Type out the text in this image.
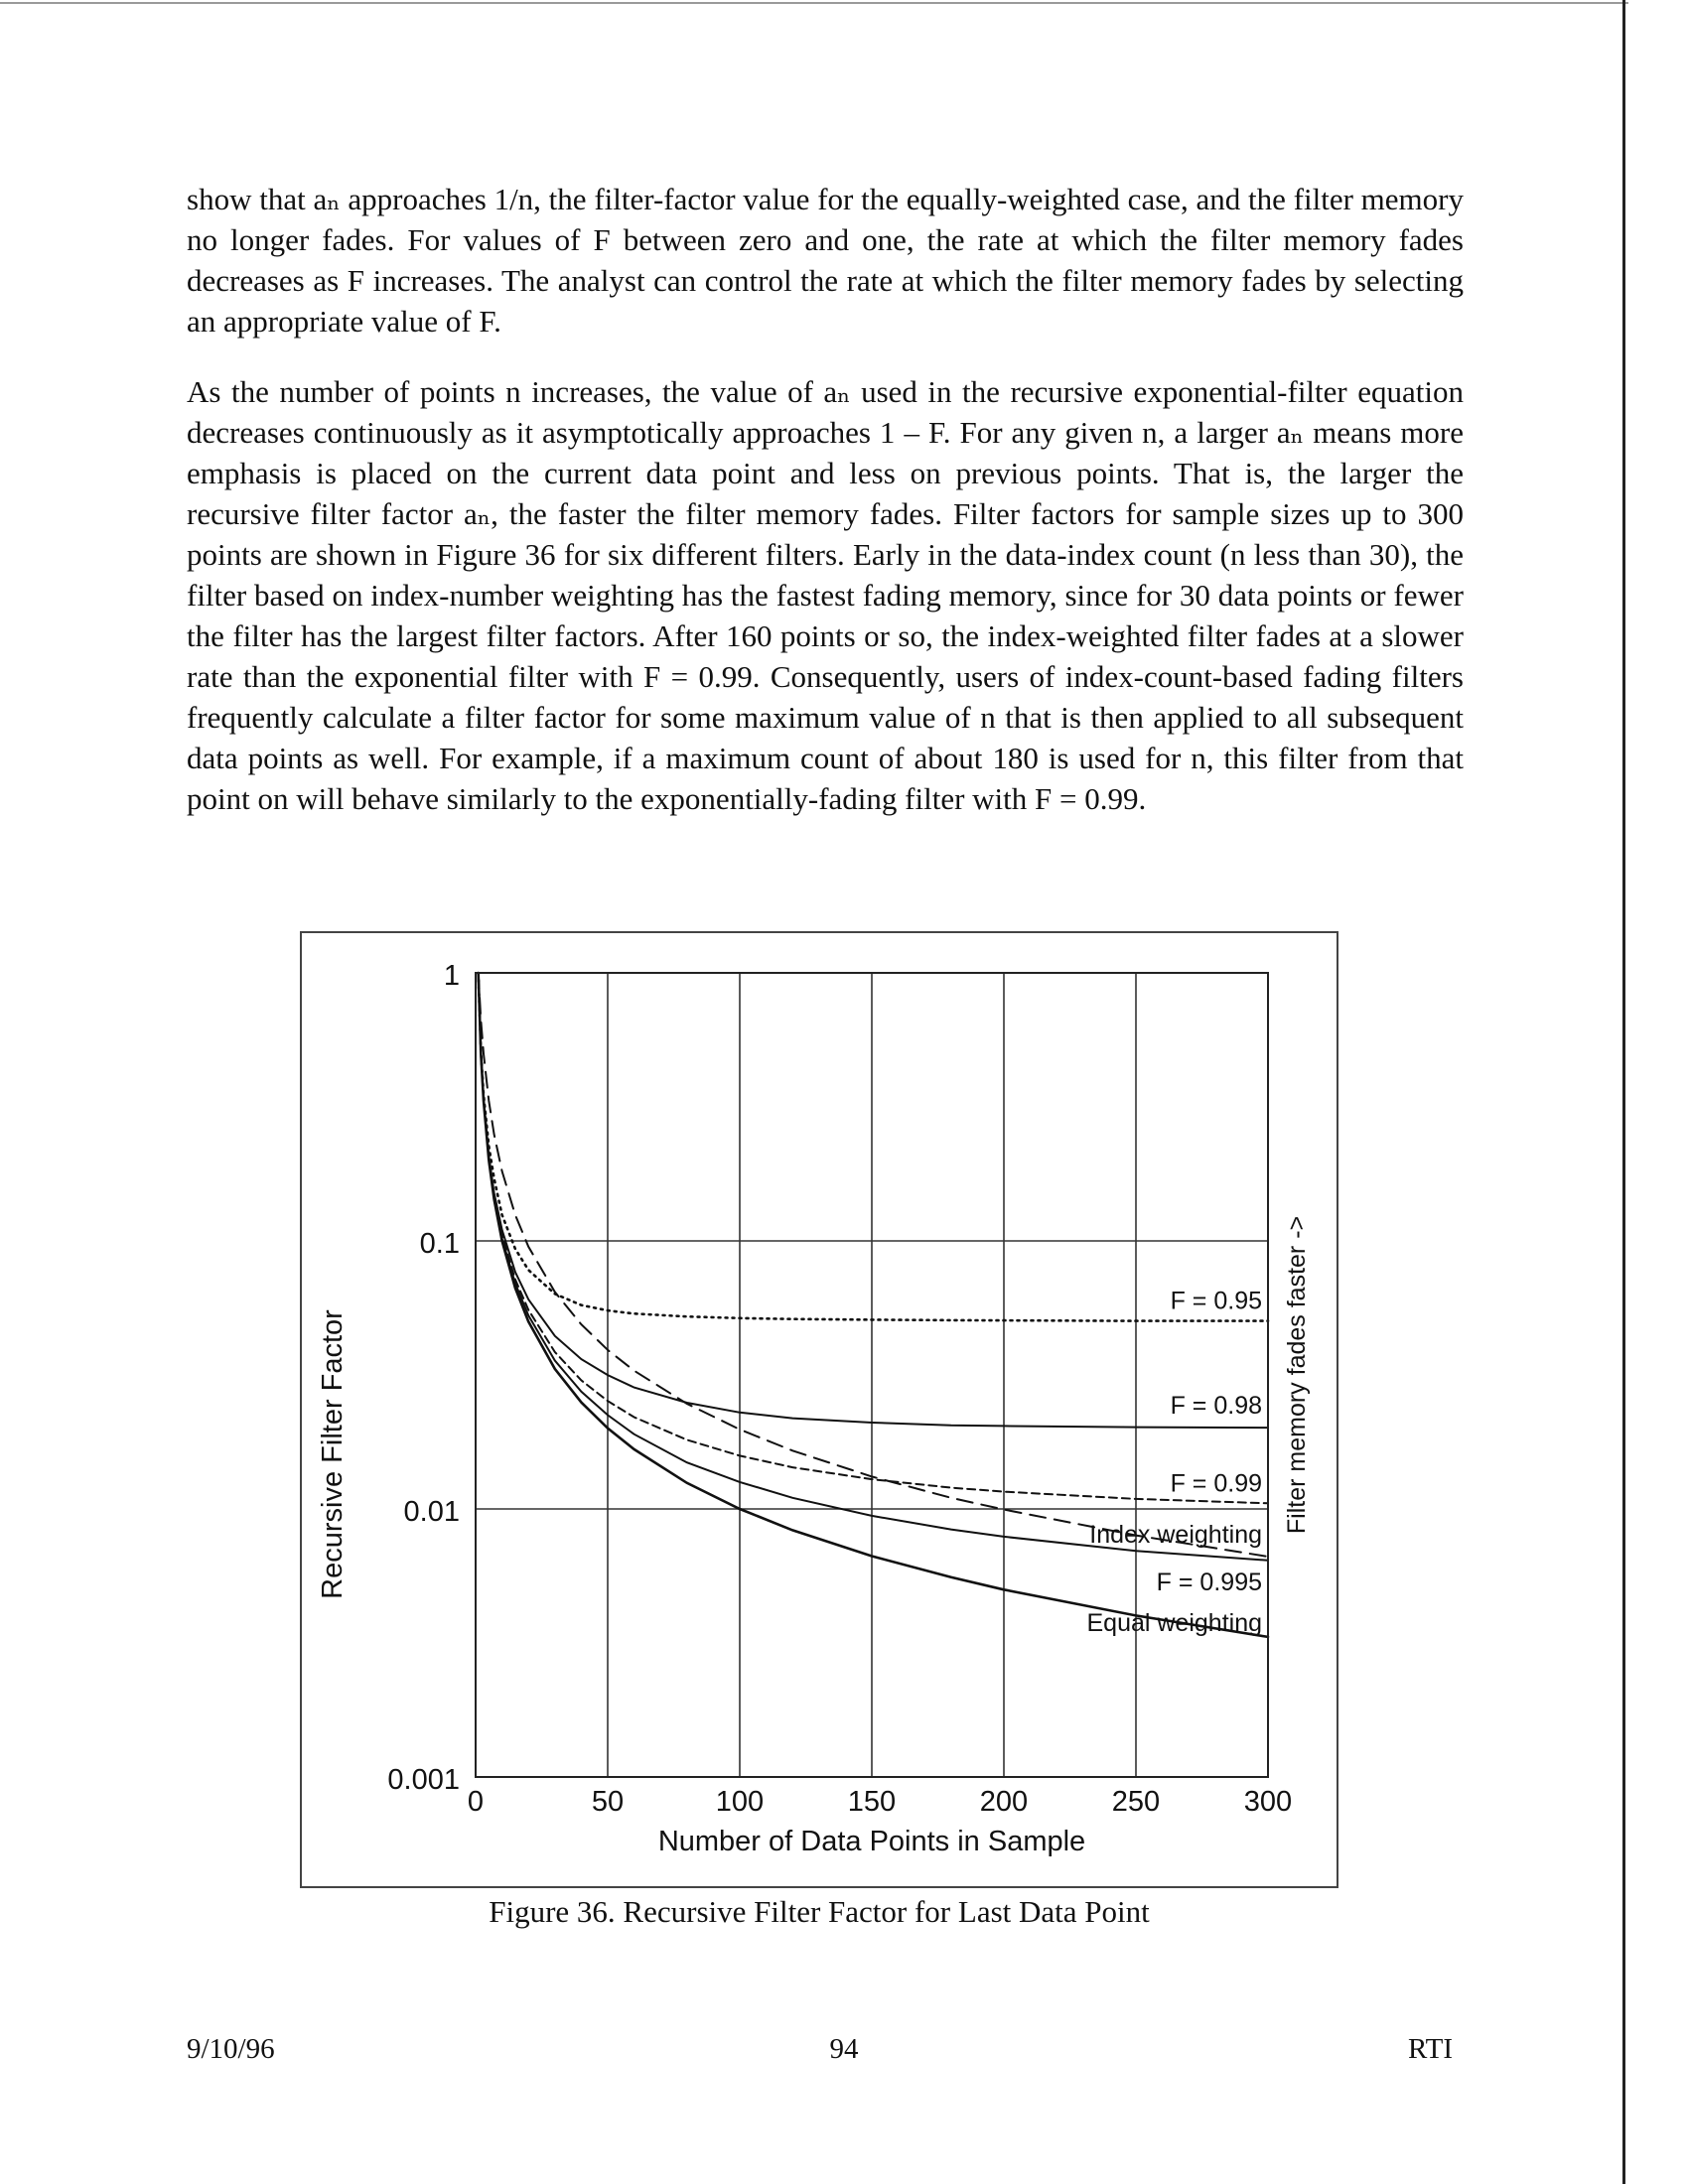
show that aₙ approaches 1/n, the filter-factor value for the equally-weighted case, and the filter memory no longer fades. For values of F between zero and one, the rate at which the filter memory fades decreases as F increases. The analyst can control the rate at which the filter memory fades by selecting an appropriate value of F.

As the number of points n increases, the value of aₙ used in the recursive exponential-filter equation decreases continuously as it asymptotically approaches 1 – F. For any given n, a larger aₙ means more emphasis is placed on the current data point and less on previous points. That is, the larger the recursive filter factor aₙ, the faster the filter memory fades. Filter factors for sample sizes up to 300 points are shown in Figure 36 for six different filters. Early in the data-index count (n less than 30), the filter based on index-number weighting has the fastest fading memory, since for 30 data points or fewer the filter has the largest filter factors. After 160 points or so, the index-weighted filter fades at a slower rate than the exponential filter with F = 0.99. Consequently, users of index-count-based fading filters frequently calculate a filter factor for some maximum value of n that is then applied to all subsequent data points as well. For example, if a maximum count of about 180 is used for n, this filter from that point on will behave similarly to the exponentially-fading filter with F = 0.99.

F = 0.95
F = 0.98
F = 0.99
Index weighting
F = 0.995
Equal weighting
0	50	100	150	200	250	300
0.001
0.01
0.1
1
Number of Data Points in Sample
Recursive Filter Factor	Filter memory fades faster ->

Figure 36. Recursive Filter Factor for Last Data Point

9/10/96	94	RTI
